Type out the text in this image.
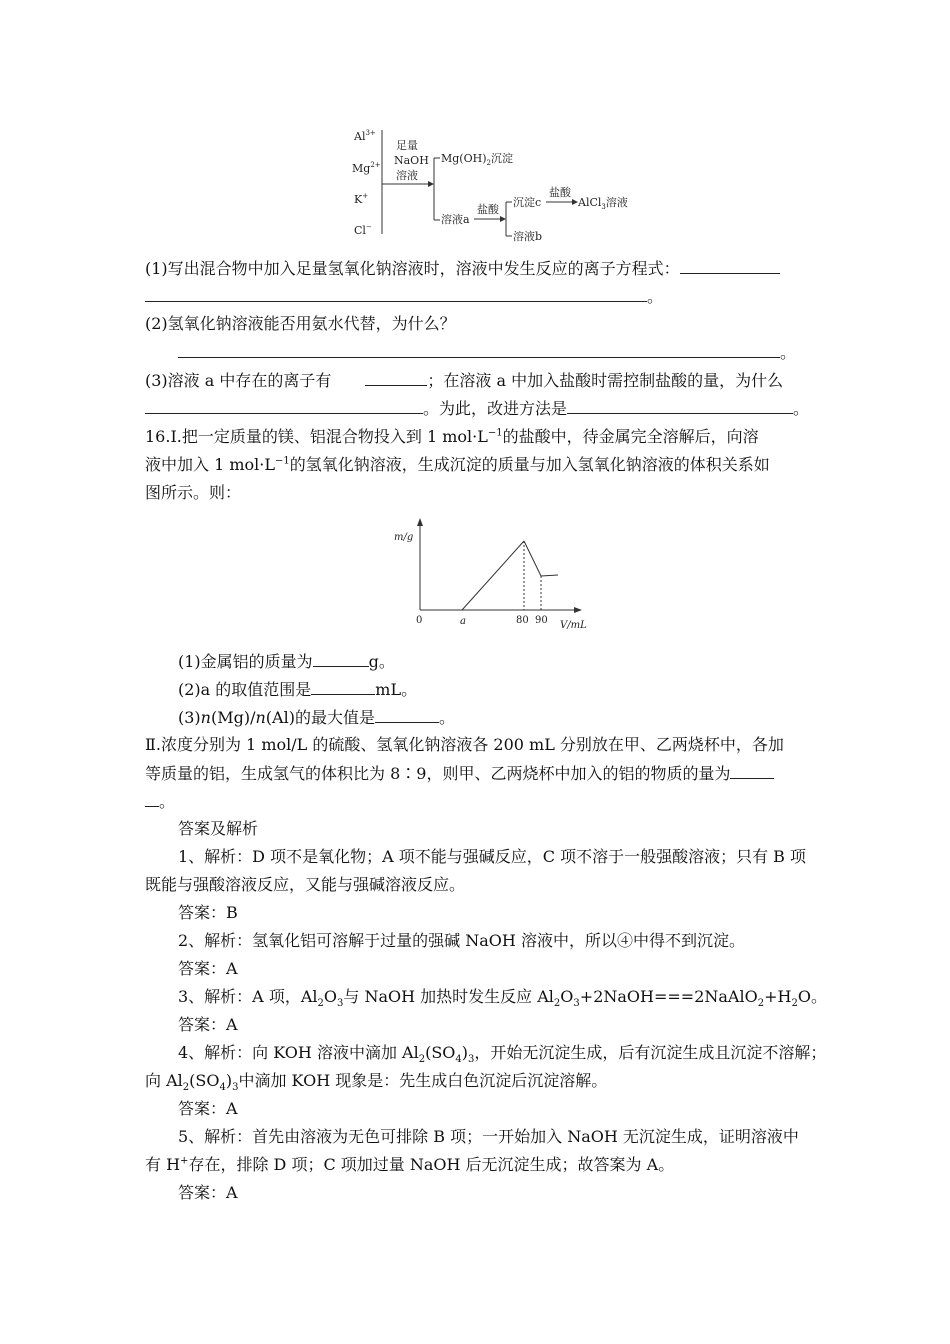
$Al^{3+}$
$Mg^{2+}$
K+
Cl−
足量
NaOH
溶液
$Mg(OH)_2$沉淀
溶液a
盐酸
沉淀c
盐酸
AlCl$_3$溶液
溶液b
(1)写出混合物中加入足量氢氧化钠溶液时，溶液中发生反应的离子方程式：
。
(2)氢氧化钠溶液能否用氨水代替，为什么？
。
(3)溶液 a 中存在的离子有	；在溶液 a 中加入盐酸时需控制盐酸的量，为什么
。为此，改进方法是	。
16.Ⅰ.把一定质量的镁、铝混合物投入到 1 $mol\cdot L^{-1}$的盐酸中，待金属完全溶解后，向溶
液中加入 1 $mol\cdot L^{-1}$的氢氧化钠溶液，生成沉淀的质量与加入氢氧化钠溶液的体积关系如
图所示。则：
m/g
V/mL
0	a	80 90
(1)金属铝的质量为	g。
(2)a 的取值范围是	mL。
(3)n(Mg)/n(Al)的最大值是	。
Ⅱ.浓度分别为 1 mol/L 的硫酸、氢氧化钠溶液各 200 mL 分别放在甲、乙两烧杯中，各加
等质量的铝，生成氢气的体积比为 8∶9，则甲、乙两烧杯中加入的铝的物质的量为
。
答案及解析
1、解析：D 项不是氧化物；A 项不能与强碱反应，C 项不溶于一般强酸溶液；只有 B 项
既能与强酸溶液反应，又能与强碱溶液反应。
答案：B
2、解析：氢氧化铝可溶解于过量的强碱 NaOH 溶液中，所以④中得不到沉淀。
答案：A
3、解析：A 项，$Al_2O_3$与 NaOH 加热时发生反应 $Al_2O_3+2NaOH===2NaAlO_2+H_2O$。
答案：A
4、解析：向 KOH 溶液中滴加 $Al_2(SO_4)_3$，开始无沉淀生成，后有沉淀生成且沉淀不溶解；
向 $Al_2(SO_4)_3$中滴加 KOH 现象是：先生成白色沉淀后沉淀溶解。
答案：A
5、解析：首先由溶液为无色可排除 B 项；一开始加入 NaOH 无沉淀生成，证明溶液中
有 H+存在，排除 D 项；C 项加过量 NaOH 后无沉淀生成；故答案为 A。
答案：A
